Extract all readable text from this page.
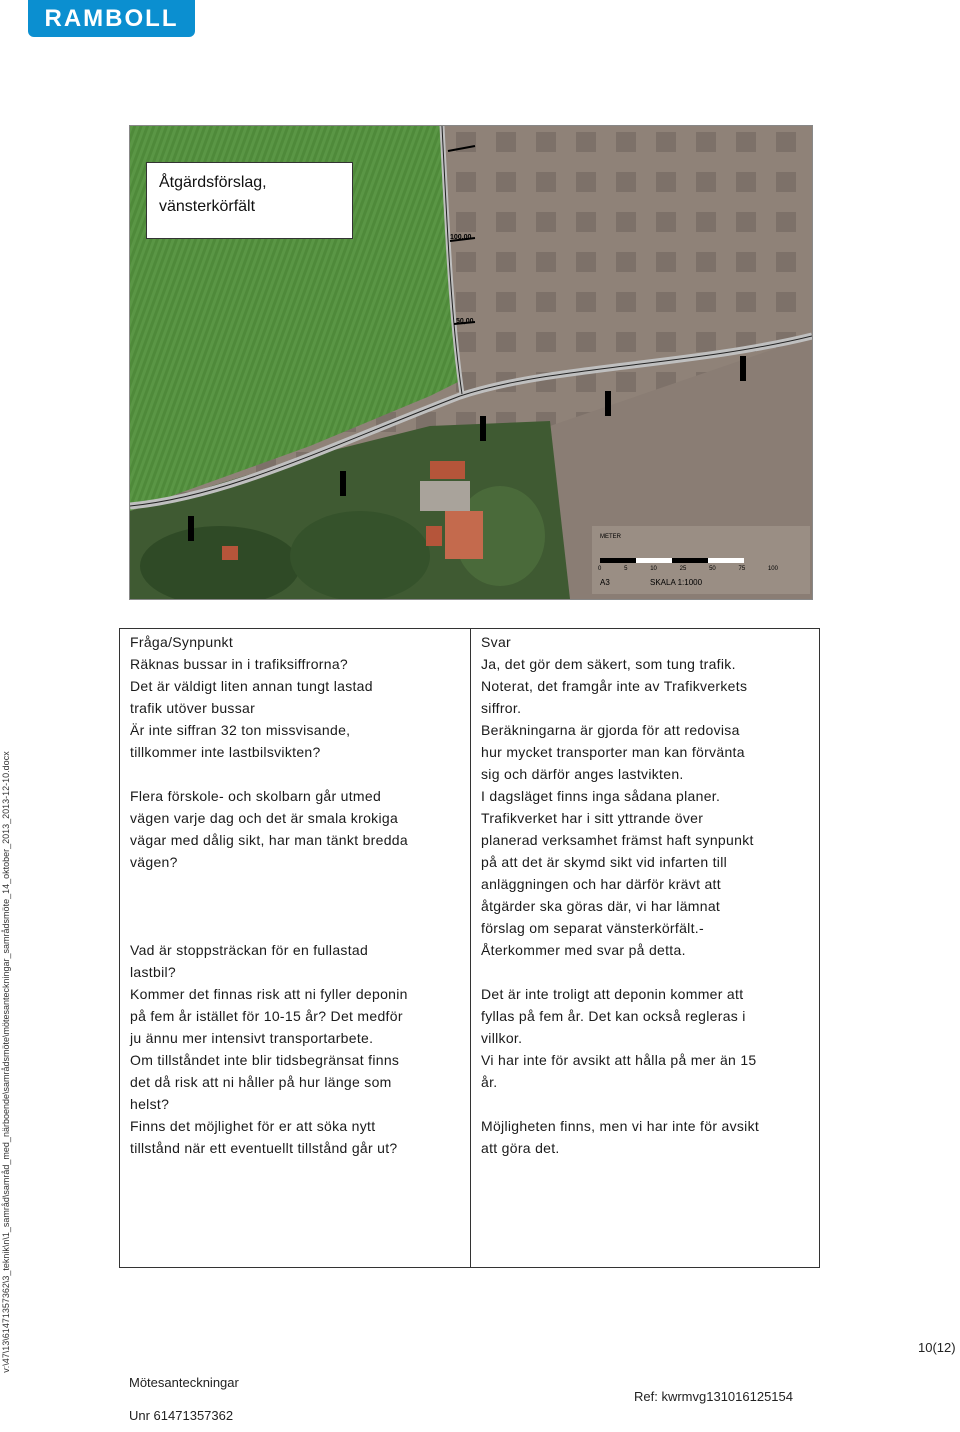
RAMBOLL
v:\47\13\61471357362\3_teknik\n\1_samråd\samråd_med_närboende\samrådsmöte\mötesanteckningar_samrådsmöte_14_oktober_2013_2013-12-10.docx
Åtgärdsförslag,
vänsterkörfält
100,00
50,00
METER
0	5	10	25	50	75	100
A3	SKALA 1:1000
Fråga/Synpunkt
Räknas bussar in i trafiksiffrorna?
Det är väldigt liten annan tungt lastad
trafik utöver bussar
Är inte siffran 32 ton missvisande,
tillkommer inte lastbilsvikten?
Flera förskole- och skolbarn går utmed
vägen varje dag och det är smala krokiga
vägar med dålig sikt, har man tänkt bredda
vägen?
Vad är stoppsträckan för en fullastad
lastbil?
Kommer det finnas risk att ni fyller deponin
på fem år istället för 10-15 år? Det medför
ju ännu mer intensivt transportarbete.
Om tillståndet inte blir tidsbegränsat finns
det då risk att ni håller på hur länge som
helst?
Finns det möjlighet för er att söka nytt
tillstånd när ett eventuellt tillstånd går ut?

Svar
Ja, det gör dem säkert, som tung trafik.
Noterat, det framgår inte av Trafikverkets
siffror.
Beräkningarna är gjorda för att redovisa
hur mycket transporter man kan förvänta
sig och därför anges lastvikten.
I dagsläget finns inga sådana planer.
Trafikverket har i sitt yttrande över
planerad verksamhet främst haft synpunkt
på att det är skymd sikt vid infarten till
anläggningen och har därför krävt att
åtgärder ska göras där, vi har lämnat
förslag om separat vänsterkörfält.-
Återkommer med svar på detta.
Det är inte troligt att deponin kommer att
fyllas på fem år. Det kan också regleras i
villkor.
Vi har inte för avsikt att hålla på mer än 15
år.
Möjligheten finns, men vi har inte för avsikt
att göra det.
10(12)
Mötesanteckningar
Unr 61471357362
Ref: kwrmvg131016125154
